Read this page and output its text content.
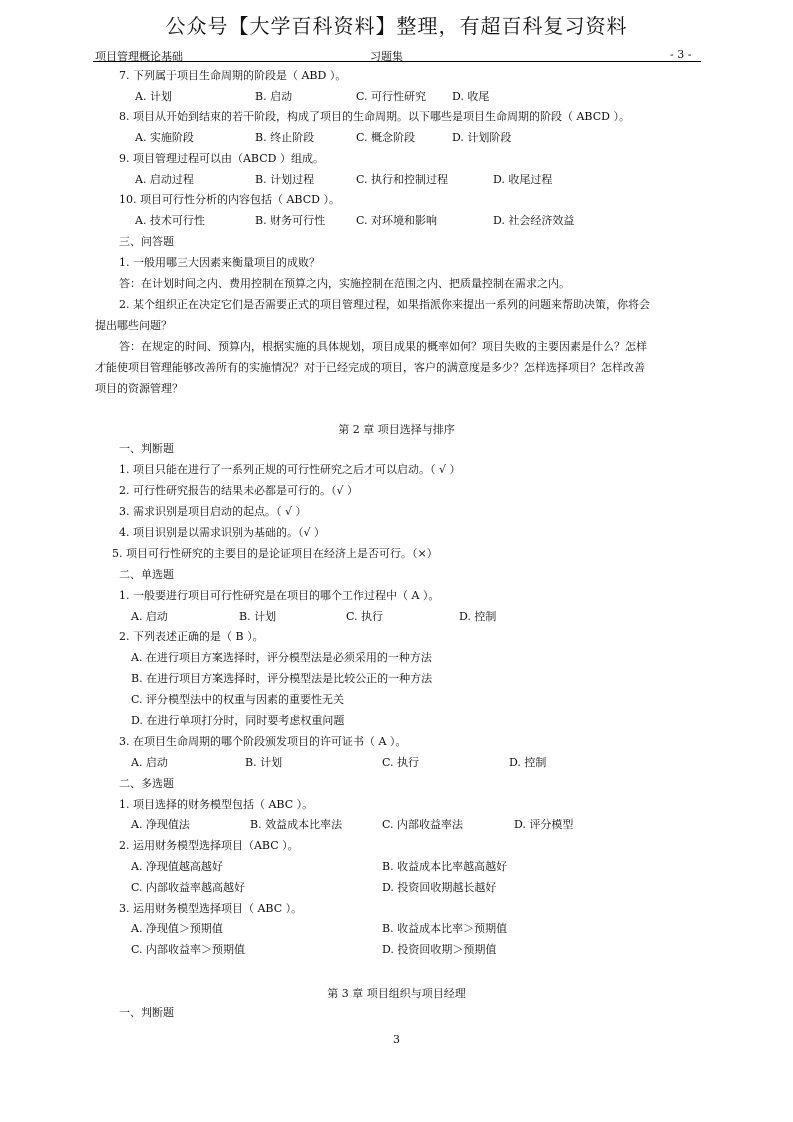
公众号【大学百科资料】整理，有超百科复习资料
项目管理概论基础	习题集	- 3 -
7. 下列属于项目生命周期的阶段是（ ABD ）。
A. 计划	B. 启动	C. 可行性研究 D. 收尾
8. 项目从开始到结束的若干阶段，构成了项目的生命周期。以下哪些是项目生命周期的阶段（ ABCD ）。
A. 实施阶段	B. 终止阶段	C. 概念阶段	D. 计划阶段
9. 项目管理过程可以由（ABCD ）组成。
A. 启动过程	B. 计划过程	C. 执行和控制过程	D. 收尾过程
10. 项目可行性分析的内容包括（ ABCD ）。
A. 技术可行性	B. 财务可行性	C. 对环境和影响	D. 社会经济效益
三、问答题
1. 一般用哪三大因素来衡量项目的成败？
答：在计划时间之内、费用控制在预算之内，实施控制在范围之内、把质量控制在需求之内。
2. 某个组织正在决定它们是否需要正式的项目管理过程，如果指派你来提出一系列的问题来帮助决策，你将会
提出哪些问题？
答：在规定的时间、预算内，根据实施的具体规划，项目成果的概率如何？项目失败的主要因素是什么？怎样
才能使项目管理能够改善所有的实施情况？对于已经完成的项目，客户的满意度是多少？怎样选择项目？怎样改善
项目的资源管理？
第 2 章 项目选择与排序
一、判断题
1. 项目只能在进行了一系列正规的可行性研究之后才可以启动。（ √ ）
2. 可行性研究报告的结果未必都是可行的。（√ ）
3. 需求识别是项目启动的起点。（ √ ）
4. 项目识别是以需求识别为基础的。（√ ）
5. 项目可行性研究的主要目的是论证项目在经济上是否可行。（×）
二、单选题
1. 一般要进行项目可行性研究是在项目的哪个工作过程中（ A ）。
A. 启动	B. 计划	C. 执行	D. 控制
2. 下列表述正确的是（ B ）。
A. 在进行项目方案选择时，评分模型法是必须采用的一种方法
B. 在进行项目方案选择时，评分模型法是比较公正的一种方法
C. 评分模型法中的权重与因素的重要性无关
D. 在进行单项打分时，同时要考虑权重问题
3. 在项目生命周期的哪个阶段颁发项目的许可证书（ A ）。
A. 启动	B. 计划	C. 执行	D. 控制
二、多选题
1. 项目选择的财务模型包括（ ABC ）。
A. 净现值法	B. 效益成本比率法	C. 内部收益率法	D. 评分模型
2. 运用财务模型选择项目（ABC ）。
A. 净现值越高越好	B. 收益成本比率越高越好
C. 内部收益率越高越好	D. 投资回收期越长越好
3. 运用财务模型选择项目（ ABC ）。
A. 净现值＞预期值	B. 收益成本比率＞预期值
C. 内部收益率＞预期值	D. 投资回收期＞预期值
第 3 章 项目组织与项目经理
一、判断题
3
